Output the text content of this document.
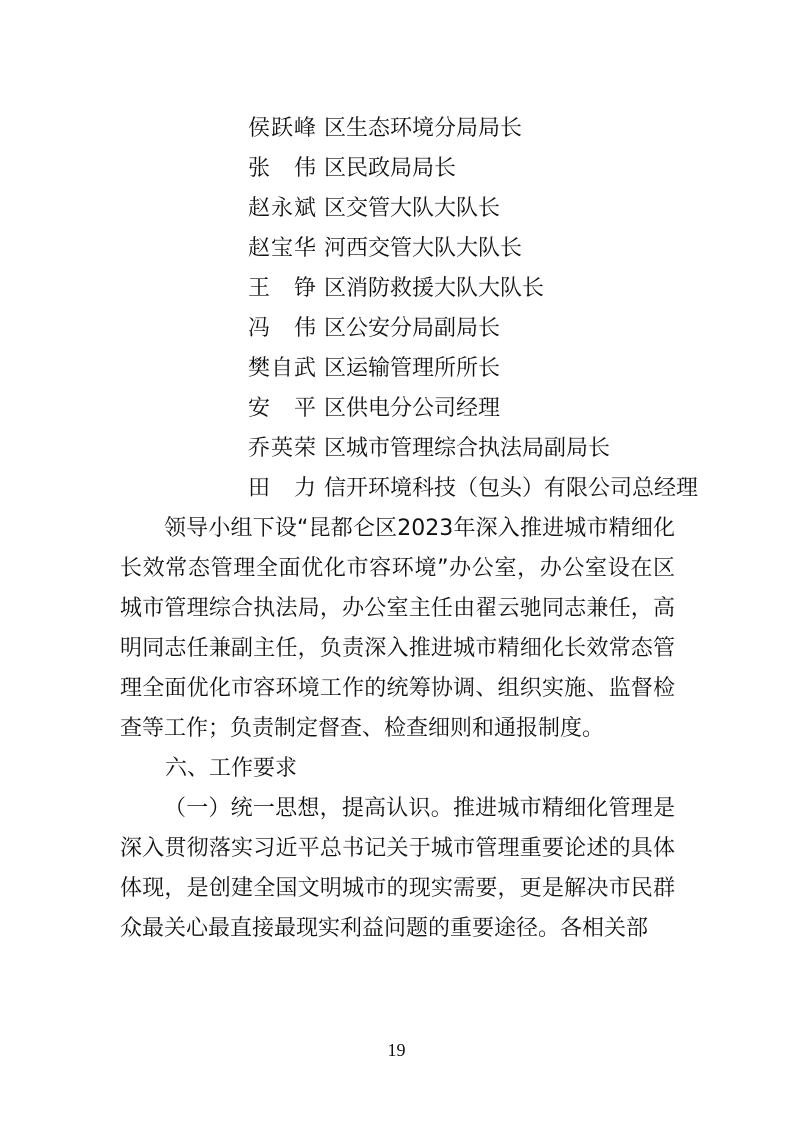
侯跃峰 区生态环境分局局长
张 伟 区民政局局长
赵永斌 区交管大队大队长
赵宝华 河西交管大队大队长
王 铮 区消防救援大队大队长
冯 伟 区公安分局副局长
樊自武 区运输管理所所长
安 平 区供电分公司经理
乔英荣 区城市管理综合执法局副局长
田 力 信开环境科技（包头）有限公司总经理
领导小组下设“昆都仑区2023年深入推进城市精细化长效常态管理全面优化市容环境”办公室，办公室设在区城市管理综合执法局，办公室主任由翟云驰同志兼任，高明同志任兼副主任，负责深入推进城市精细化长效常态管理全面优化市容环境工作的统筹协调、组织实施、监督检查等工作；负责制定督查、检查细则和通报制度。
六、工作要求
（一）统一思想，提高认识。推进城市精细化管理是深入贯彻落实习近平总书记关于城市管理重要论述的具体体现，是创建全国文明城市的现实需要，更是解决市民群众最关心最直接最现实利益问题的重要途径。各相关部
19
